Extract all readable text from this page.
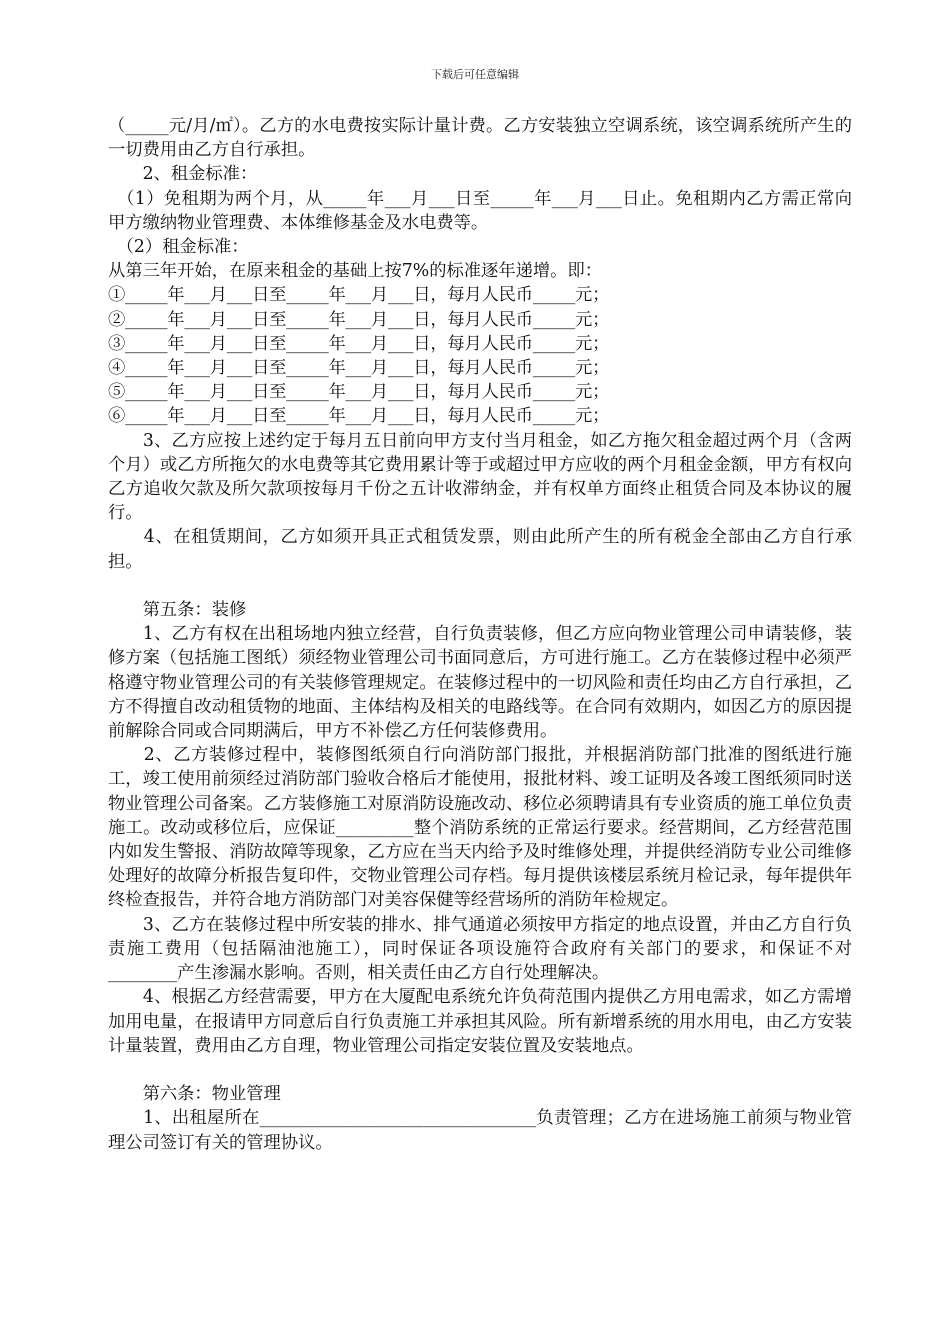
下载后可任意编辑

（_____元/月/㎡）。乙方的水电费按实际计量计费。乙方安装独立空调系统，该空调系统所产生的一切费用由乙方自行承担。

　　2、租金标准：

　（1）免租期为两个月，从_____年___月___日至_____年___月___日止。免租期内乙方需正常向甲方缴纳物业管理费、本体维修基金及水电费等。

　（2）租金标准：

从第三年开始，在原来租金的基础上按7%的标准逐年递增。即：

①_____年___月___日至_____年___月___日，每月人民币_____元；

②_____年___月___日至_____年___月___日，每月人民币_____元；

③_____年___月___日至_____年___月___日，每月人民币_____元；

④_____年___月___日至_____年___月___日，每月人民币_____元；

⑤_____年___月___日至_____年___月___日，每月人民币_____元；

⑥_____年___月___日至_____年___月___日，每月人民币_____元；

　　3、乙方应按上述约定于每月五日前向甲方支付当月租金，如乙方拖欠租金超过两个月（含两个月）或乙方所拖欠的水电费等其它费用累计等于或超过甲方应收的两个月租金金额，甲方有权向乙方追收欠款及所欠款项按每月千份之五计收滞纳金，并有权单方面终止租赁合同及本协议的履行。

　　4、在租赁期间，乙方如须开具正式租赁发票，则由此所产生的所有税金全部由乙方自行承担。

　　第五条：装修

　　1、乙方有权在出租场地内独立经营，自行负责装修，但乙方应向物业管理公司申请装修，装修方案（包括施工图纸）须经物业管理公司书面同意后，方可进行施工。乙方在装修过程中必须严格遵守物业管理公司的有关装修管理规定。在装修过程中的一切风险和责任均由乙方自行承担，乙方不得擅自改动租赁物的地面、主体结构及相关的电路线等。在合同有效期内，如因乙方的原因提前解除合同或合同期满后，甲方不补偿乙方任何装修费用。

　　2、乙方装修过程中，装修图纸须自行向消防部门报批，并根据消防部门批准的图纸进行施工，竣工使用前须经过消防部门验收合格后才能使用，报批材料、竣工证明及各竣工图纸须同时送物业管理公司备案。乙方装修施工对原消防设施改动、移位必须聘请具有专业资质的施工单位负责施工。改动或移位后，应保证_________整个消防系统的正常运行要求。经营期间，乙方经营范围内如发生警报、消防故障等现象，乙方应在当天内给予及时维修处理，并提供经消防专业公司维修处理好的故障分析报告复印件，交物业管理公司存档。每月提供该楼层系统月检记录，每年提供年终检查报告，并符合地方消防部门对美容保健等经营场所的消防年检规定。

　　3、乙方在装修过程中所安装的排水、排气通道必须按甲方指定的地点设置，并由乙方自行负责施工费用（包括隔油池施工），同时保证各项设施符合政府有关部门的要求，和保证不对________产生渗漏水影响。否则，相关责任由乙方自行处理解决。

　　4、根据乙方经营需要，甲方在大厦配电系统允许负荷范围内提供乙方用电需求，如乙方需增加用电量，在报请甲方同意后自行负责施工并承担其风险。所有新增系统的用水用电，由乙方安装计量装置，费用由乙方自理，物业管理公司指定安装位置及安装地点。

　　第六条：物业管理

　　1、出租屋所在________________________________负责管理；乙方在进场施工前须与物业管理公司签订有关的管理协议。
